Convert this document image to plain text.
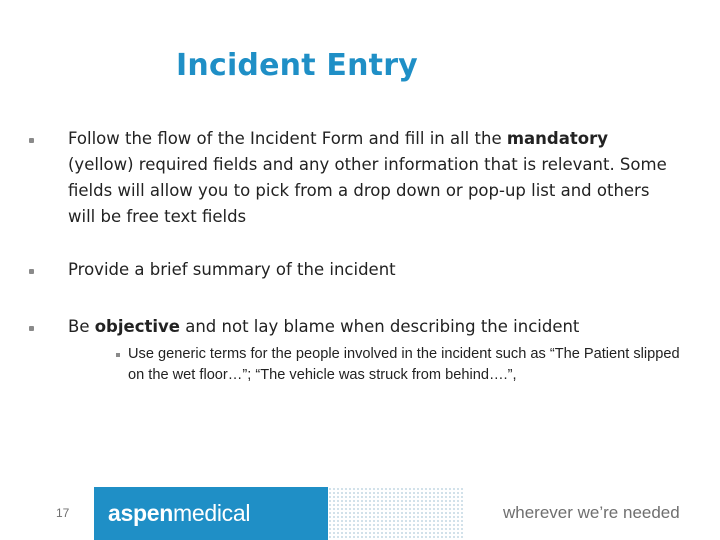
Incident Entry
Follow the flow of the Incident Form and fill in all the mandatory (yellow) required fields and any other information that is relevant. Some fields will allow you to pick from a drop down or pop-up list and others will be free text fields
Provide a brief summary of the incident
Be objective and not lay blame when describing the incident
Use generic terms for the people involved in the incident such as “The Patient slipped on the wet floor…”; “The vehicle was struck from behind….”,
17 aspenmedical	wherever we’re needed
